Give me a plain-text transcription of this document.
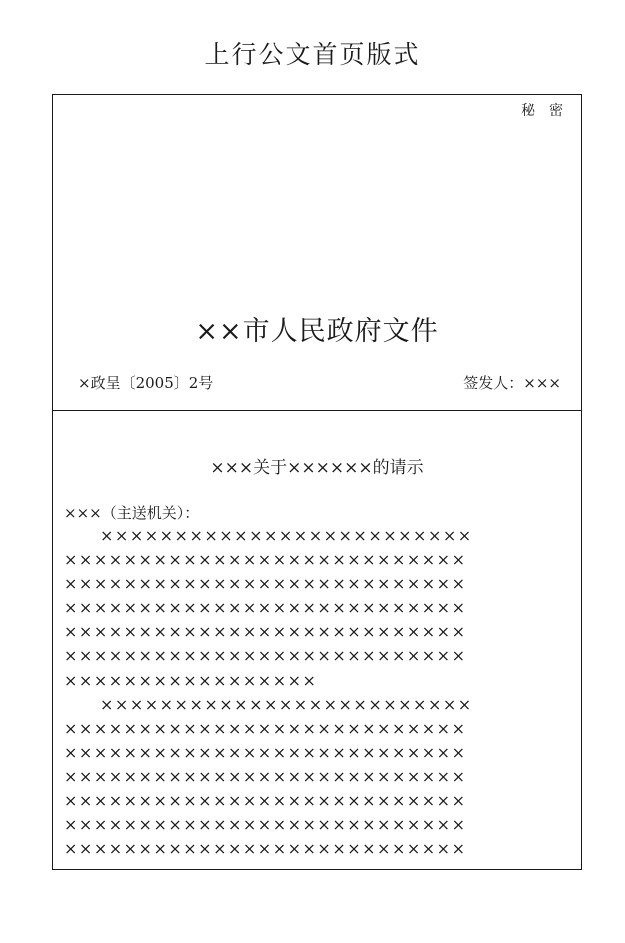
上行公文首页版式
秘密
××市人民政府文件
×政呈〔2005〕2号	签发人：×××
×××关于××××××的请示
×××（主送机关）：
×××××××××××××××××××××××××
×××××××××××××××××××××××××××
×××××××××××××××××××××××××××
×××××××××××××××××××××××××××
×××××××××××××××××××××××××××
×××××××××××××××××××××××××××
×××××××××××××××××
×××××××××××××××××××××××××
×××××××××××××××××××××××××××
×××××××××××××××××××××××××××
×××××××××××××××××××××××××××
×××××××××××××××××××××××××××
×××××××××××××××××××××××××××
×××××××××××××××××××××××××××
